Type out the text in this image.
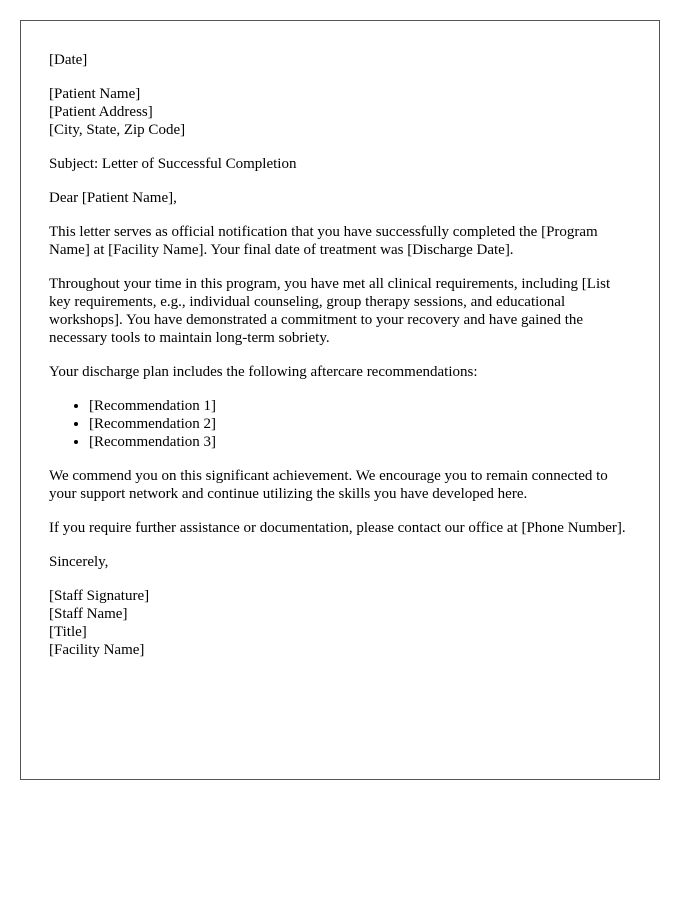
[Date]

[Patient Name]
[Patient Address]
[City, State, Zip Code]

Subject: Letter of Successful Completion

Dear [Patient Name],

This letter serves as official notification that you have successfully completed the [Program Name] at [Facility Name]. Your final date of treatment was [Discharge Date].

Throughout your time in this program, you have met all clinical requirements, including [List key requirements, e.g., individual counseling, group therapy sessions, and educational workshops]. You have demonstrated a commitment to your recovery and have gained the necessary tools to maintain long-term sobriety.

Your discharge plan includes the following aftercare recommendations:

• [Recommendation 1]
• [Recommendation 2]
• [Recommendation 3]

We commend you on this significant achievement. We encourage you to remain connected to your support network and continue utilizing the skills you have developed here.

If you require further assistance or documentation, please contact our office at [Phone Number].

Sincerely,

[Staff Signature]
[Staff Name]
[Title]
[Facility Name]
